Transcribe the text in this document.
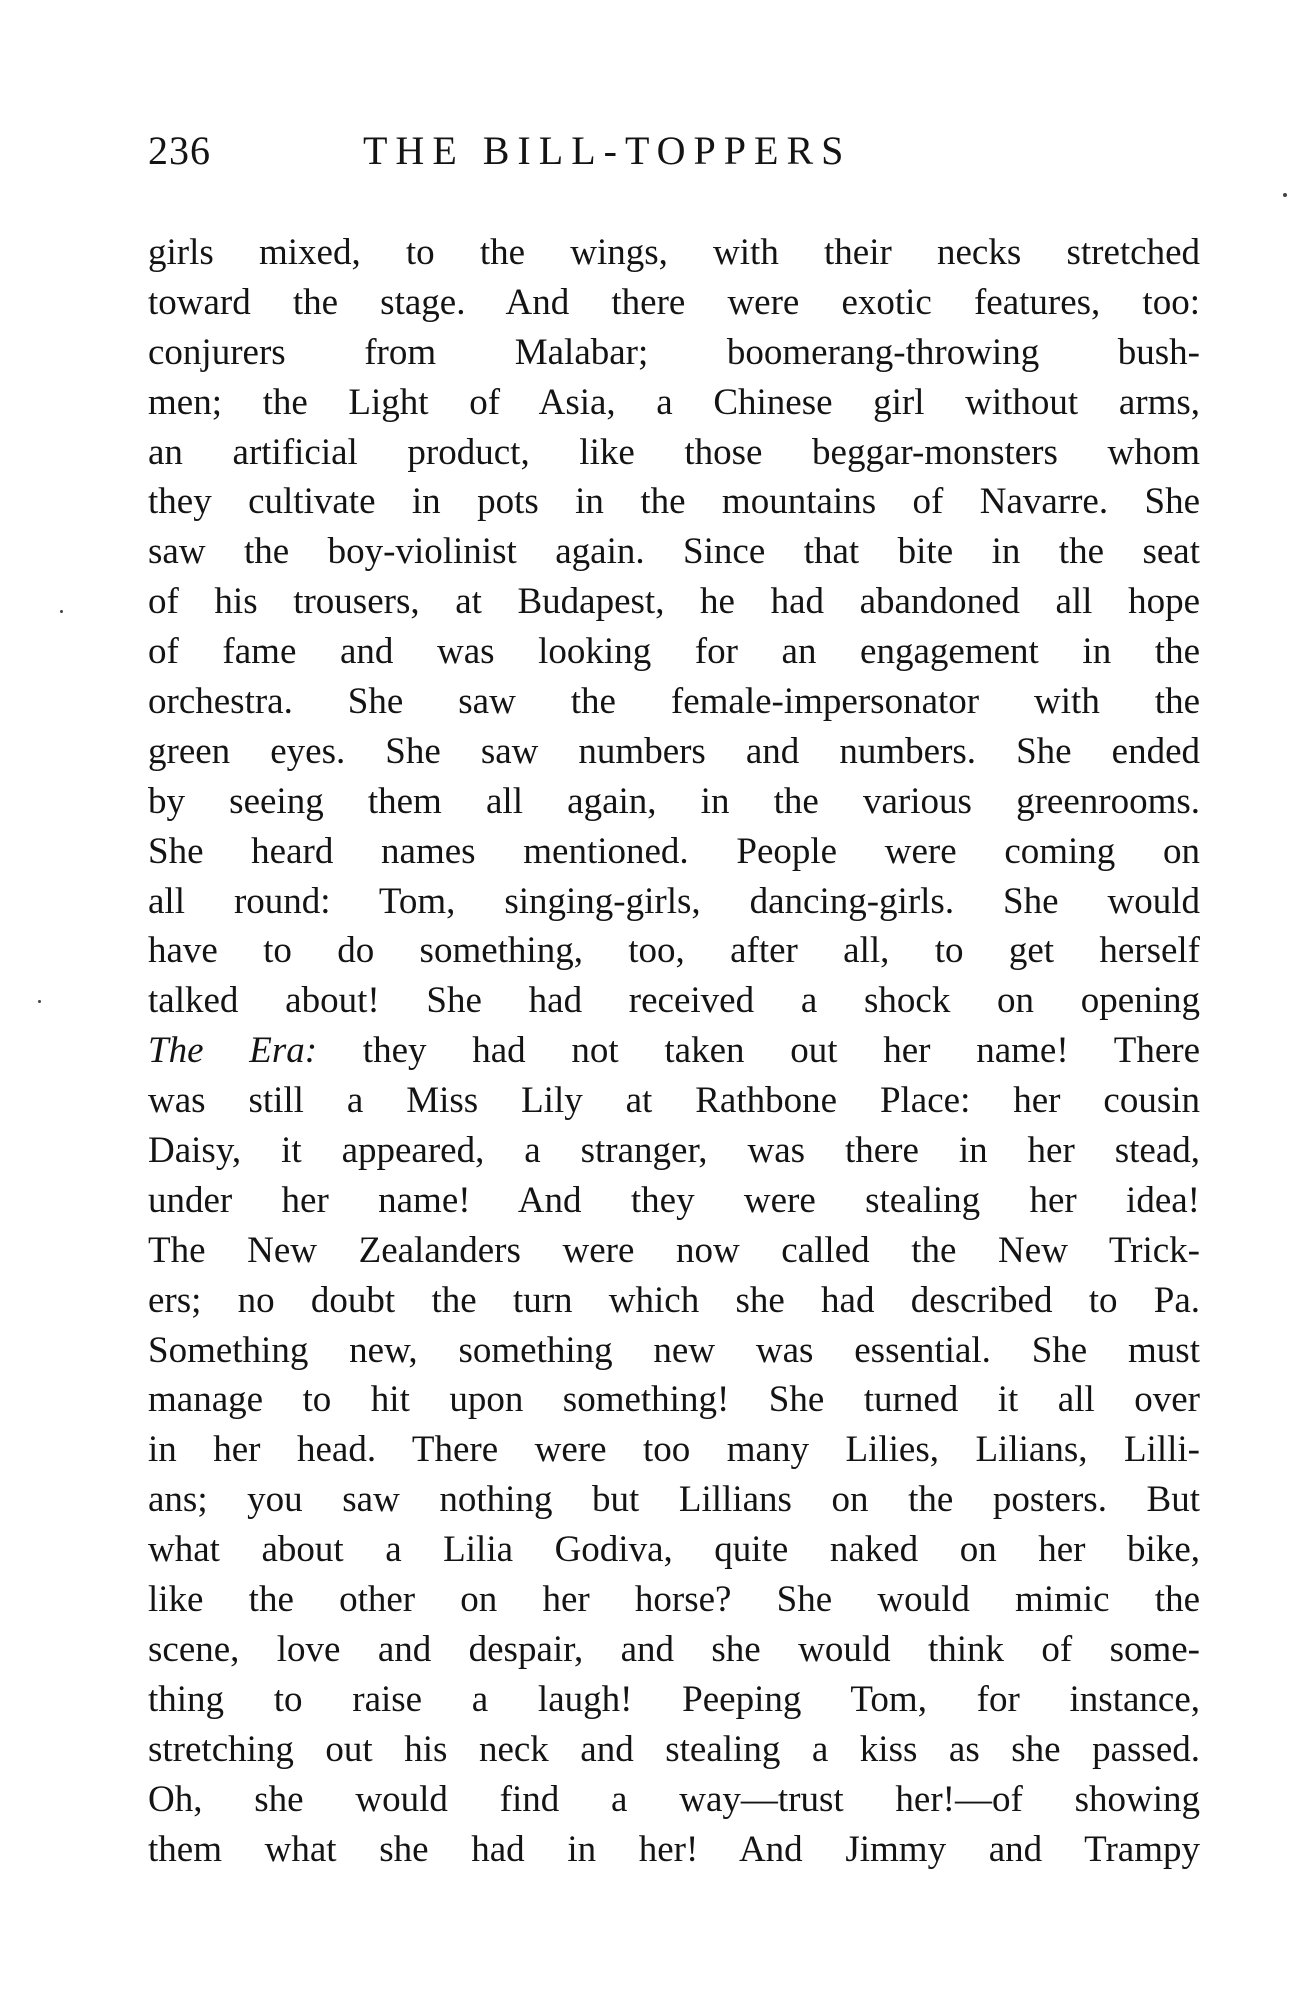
236	THE BILL-TOPPERS
girls mixed, to the wings, with their necks stretched
toward the stage. And there were exotic features, too:
conjurers from Malabar; boomerang-throwing bush-
men; the Light of Asia, a Chinese girl without arms,
an artificial product, like those beggar-monsters whom
they cultivate in pots in the mountains of Navarre. She
saw the boy-violinist again. Since that bite in the seat
of his trousers, at Budapest, he had abandoned all hope
of fame and was looking for an engagement in the
orchestra. She saw the female-impersonator with the
green eyes. She saw numbers and numbers. She ended
by seeing them all again, in the various greenrooms.
She heard names mentioned. People were coming on
all round: Tom, singing-girls, dancing-girls. She would
have to do something, too, after all, to get herself
talked about! She had received a shock on opening
The Era: they had not taken out her name! There
was still a Miss Lily at Rathbone Place: her cousin
Daisy, it appeared, a stranger, was there in her stead,
under her name! And they were stealing her idea!
The New Zealanders were now called the New Trick-
ers; no doubt the turn which she had described to Pa.
Something new, something new was essential. She must
manage to hit upon something! She turned it all over
in her head. There were too many Lilies, Lilians, Lilli-
ans; you saw nothing but Lillians on the posters. But
what about a Lilia Godiva, quite naked on her bike,
like the other on her horse? She would mimic the
scene, love and despair, and she would think of some-
thing to raise a laugh! Peeping Tom, for instance,
stretching out his neck and stealing a kiss as she passed.
Oh, she would find a way—trust her!—of showing
them what she had in her! And Jimmy and Trampy
